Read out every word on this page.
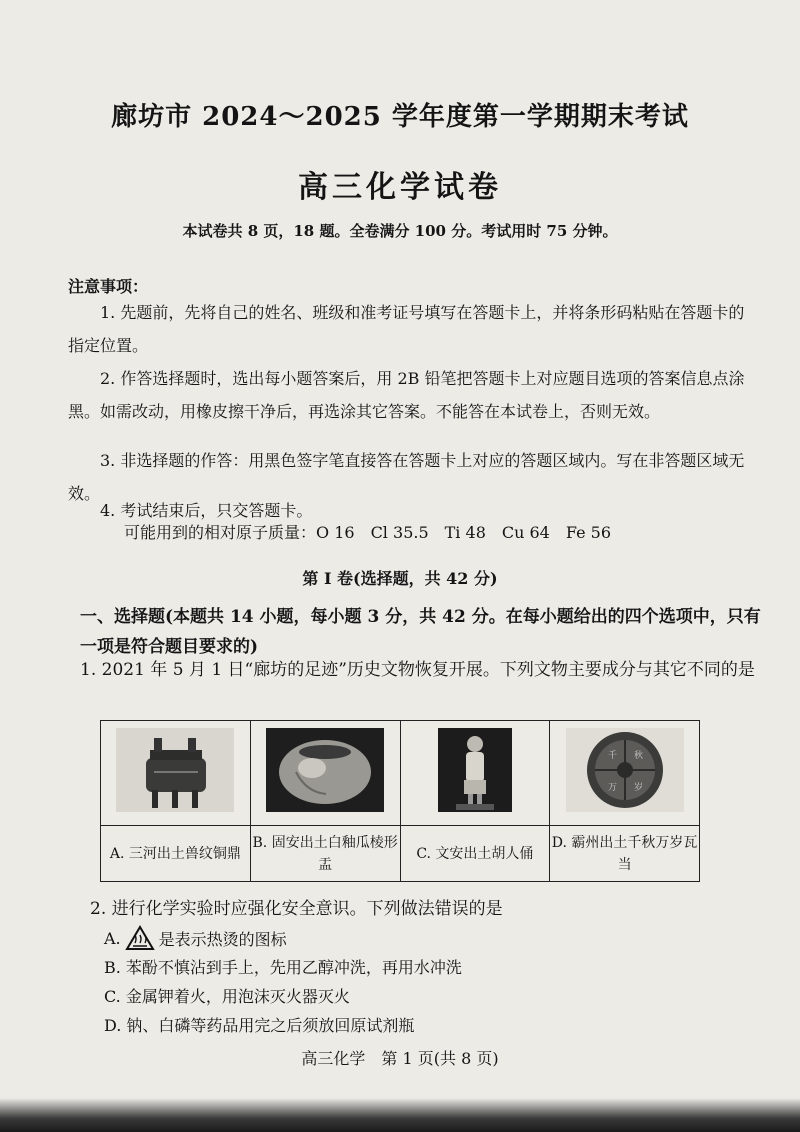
廊坊市 2024～2025 学年度第一学期期末考试
高三化学试卷
本试卷共 8 页，18 题。全卷满分 100 分。考试用时 75 分钟。
注意事项：
1. 先题前，先将自己的姓名、班级和准考证号填写在答题卡上，并将条形码粘贴在答题卡的指定位置。
2. 作答选择题时，选出每小题答案后，用 2B 铅笔把答题卡上对应题目选项的答案信息点涂黑。如需改动，用橡皮擦干净后，再选涂其它答案。不能答在本试卷上，否则无效。
3. 非选择题的作答：用黑色签字笔直接答在答题卡上对应的答题区域内。写在非答题区域无效。
4. 考试结束后，只交答题卡。
可能用到的相对原子质量：O 16　Cl 35.5　Ti 48　Cu 64　Fe 56
第 I 卷(选择题，共 42 分)
一、选择题(本题共 14 小题，每小题 3 分，共 42 分。在每小题给出的四个选项中，只有一项是符合题目要求的)
1. 2021 年 5 月 1 日“廊坊的足迹”历史文物恢复开展。下列文物主要成分与其它不同的是

千 秋
万 岁

A. 三河出土兽纹铜鼎	B. 固安出土白釉瓜棱形盂	C. 文安出土胡人俑	D. 霸州出土千秋万岁瓦当
2. 进行化学实验时应强化安全意识。下列做法错误的是
A. 是表示热烫的图标
B. 苯酚不慎沾到手上，先用乙醇冲洗，再用水冲洗
C. 金属钾着火，用泡沫灭火器灭火
D. 钠、白磷等药品用完之后须放回原试剂瓶
高三化学　第 1 页(共 8 页)
